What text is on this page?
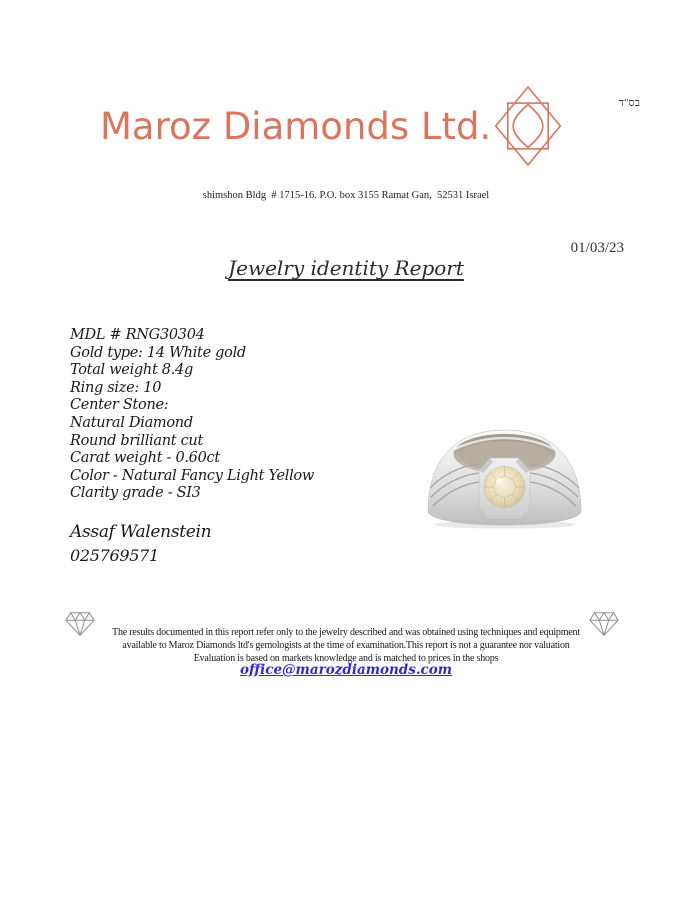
Maroz Diamonds Ltd.
בס"ד
shimshon Bldg  # 1715-16. P.O. box 3155 Ramat Gan,  52531 Israel
01/03/23
Jewelry identity Report
MDL # RNG30304
Gold type: 14 White gold
Total weight 8.4g
Ring size: 10
Center Stone:
Natural Diamond
Round brilliant cut
Carat weight - 0.60ct
Color - Natural Fancy Light Yellow
Clarity grade - SI3
Assaf Walenstein
025769571
The results documented in this report refer only to the jewelry described and was obtained using techniques and equipment
available to Maroz Diamonds ltd's gemologists at the time of examination.This report is not a guarantee nor valuation
Evaluation is based on markets knowledge and is matched to prices in the shops
office@marozdiamonds.com
